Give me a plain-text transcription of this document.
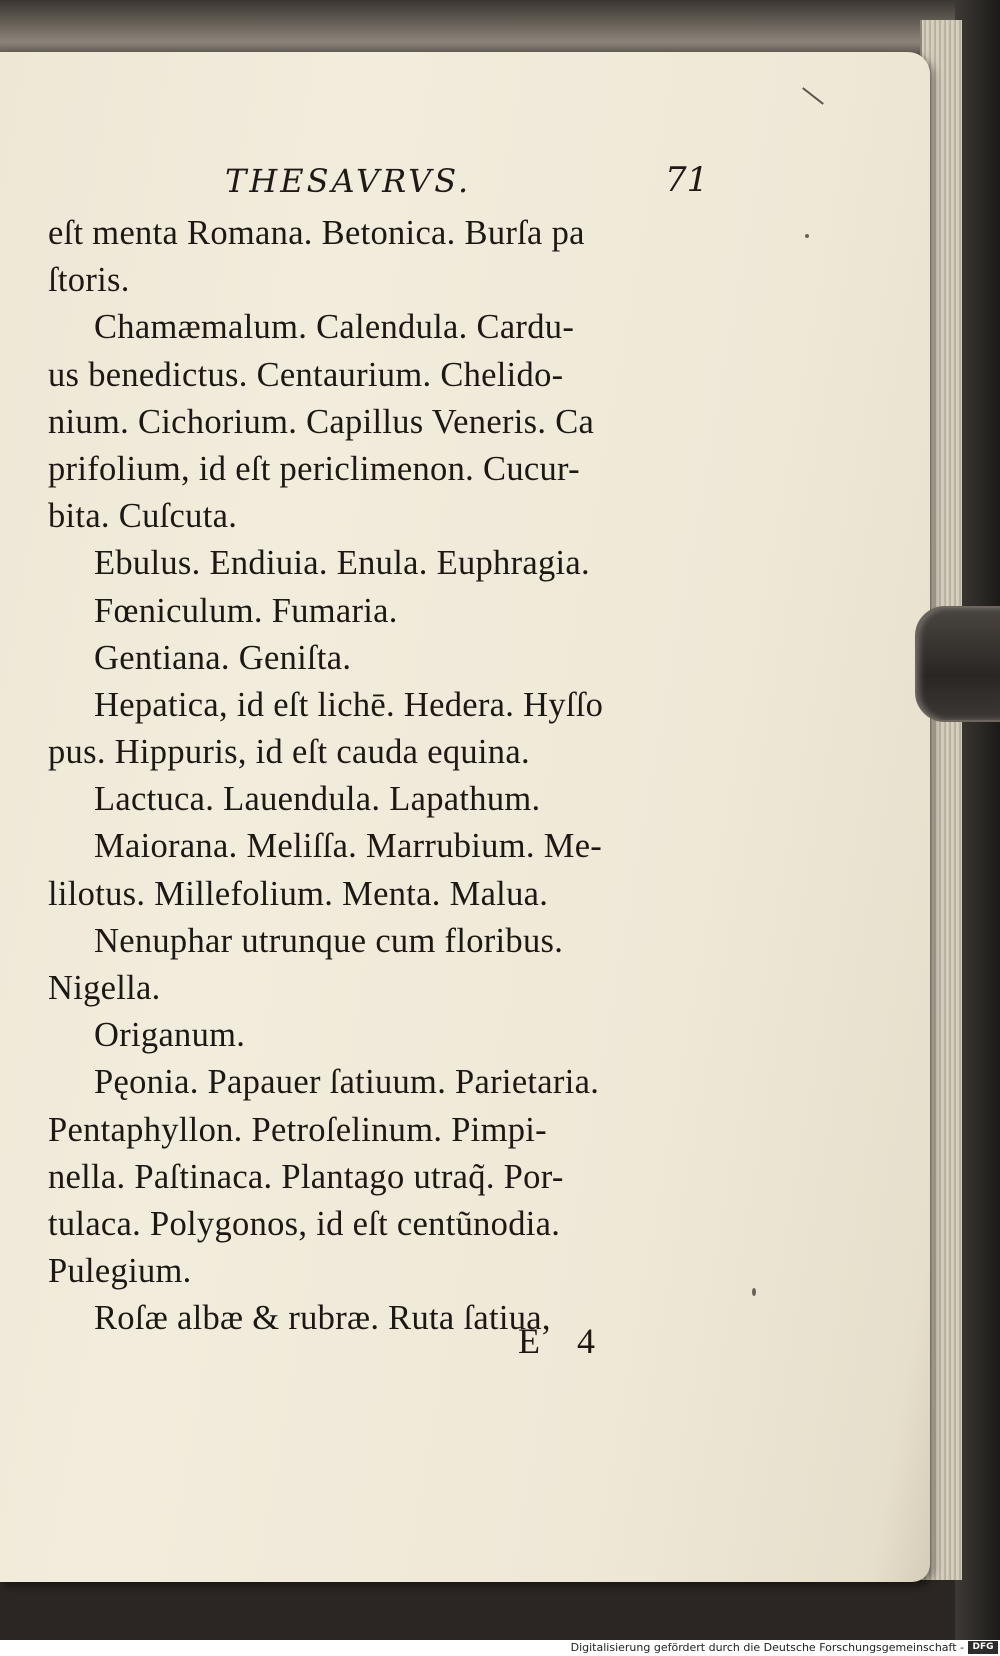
THESAVRVS.	71
eſt menta Romana. Betonica. Burſa pa
ſtoris.
Chamæmalum. Calendula. Cardu-
us benedictus. Centaurium. Chelido-
nium. Cichorium. Capillus Veneris. Ca
prifolium, id eſt periclimenon. Cucur-
bita. Cuſcuta.
Ebulus. Endiuia. Enula. Euphragia.
Fœniculum. Fumaria.
Gentiana. Geniſta.
Hepatica, id eſt lichē. Hedera. Hyſſo
pus. Hippuris, id eſt cauda equina.
Lactuca. Lauendula. Lapathum.
Maiorana. Meliſſa. Marrubium. Me-
lilotus. Millefolium. Menta. Malua.
Nenuphar utrunque cum floribus.
Nigella.
Origanum.
Pęonia. Papauer ſatiuum. Parietaria.
Pentaphyllon. Petroſelinum. Pimpi-
nella. Paſtinaca. Plantago utraq̃. Por-
tulaca. Polygonos, id eſt centũnodia.
Pulegium.
Roſæ albæ & rubræ. Ruta ſatiua,
E 4
Digitalisierung gefördert durch die Deutsche Forschungsgemeinschaft - DFG
